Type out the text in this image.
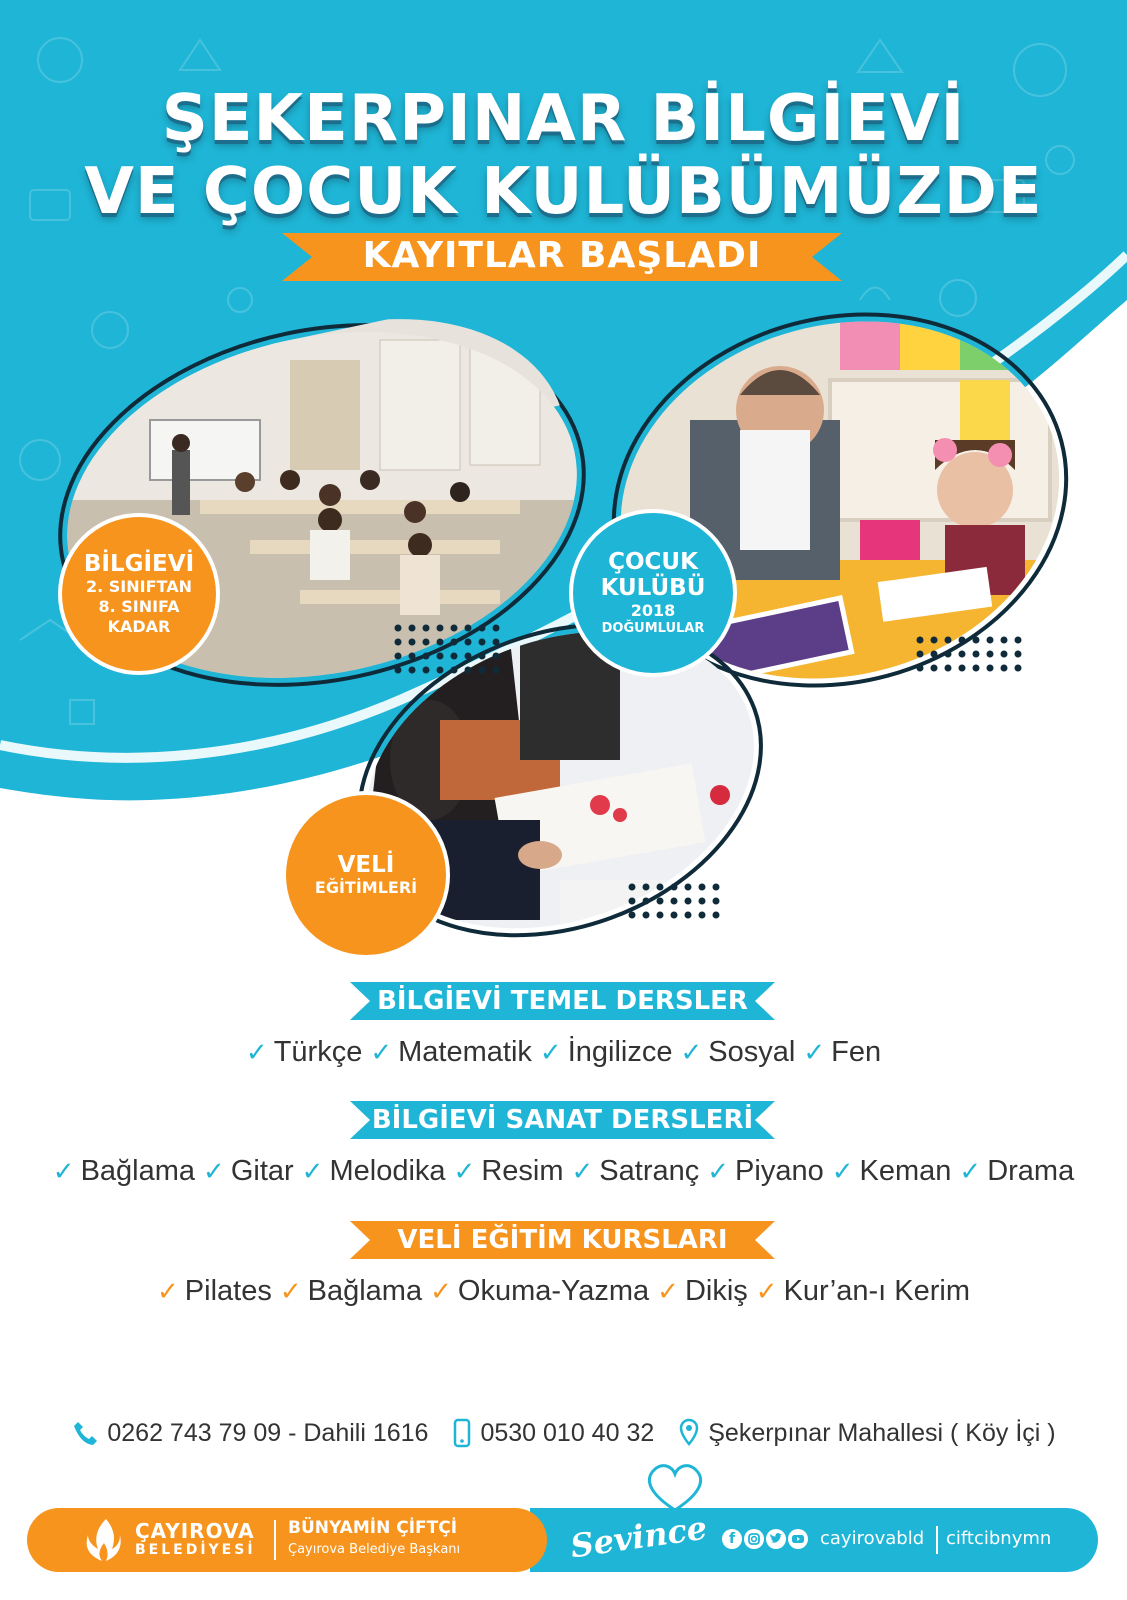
ŞEKERPINAR BİLGİEVİ
VE ÇOCUK KULÜBÜMÜZDE
KAYITLAR BAŞLADI
BİLGİEVİ
2. SINIFTAN
8. SINIFA
KADAR
ÇOCUK
KULÜBÜ
2018
DOĞUMLULAR
VELİ
EĞİTİMLERİ
BİLGİEVİ TEMEL DERSLER
✓ Türkçe ✓ Matematik ✓ İngilizce ✓ Sosyal ✓ Fen
BİLGİEVİ SANAT DERSLERİ
✓ Bağlama ✓ Gitar ✓ Melodika ✓ Resim ✓ Satranç ✓ Piyano ✓ Keman ✓ Drama
VELİ EĞİTİM KURSLARI
✓ Pilates ✓ Bağlama ✓ Okuma-Yazma ✓ Dikiş ✓ Kur’an-ı Kerim
0262 743 79 09 - Dahili 1616 0530 010 40 32 Şekerpınar Mahallesi ( Köy İçi )
ÇAYIROVA
BELEDİYESİ
BÜNYAMİN ÇİFTÇİ
Çayırova Belediye Başkanı	Sevince	f	cayirovabld ciftcibnymn
